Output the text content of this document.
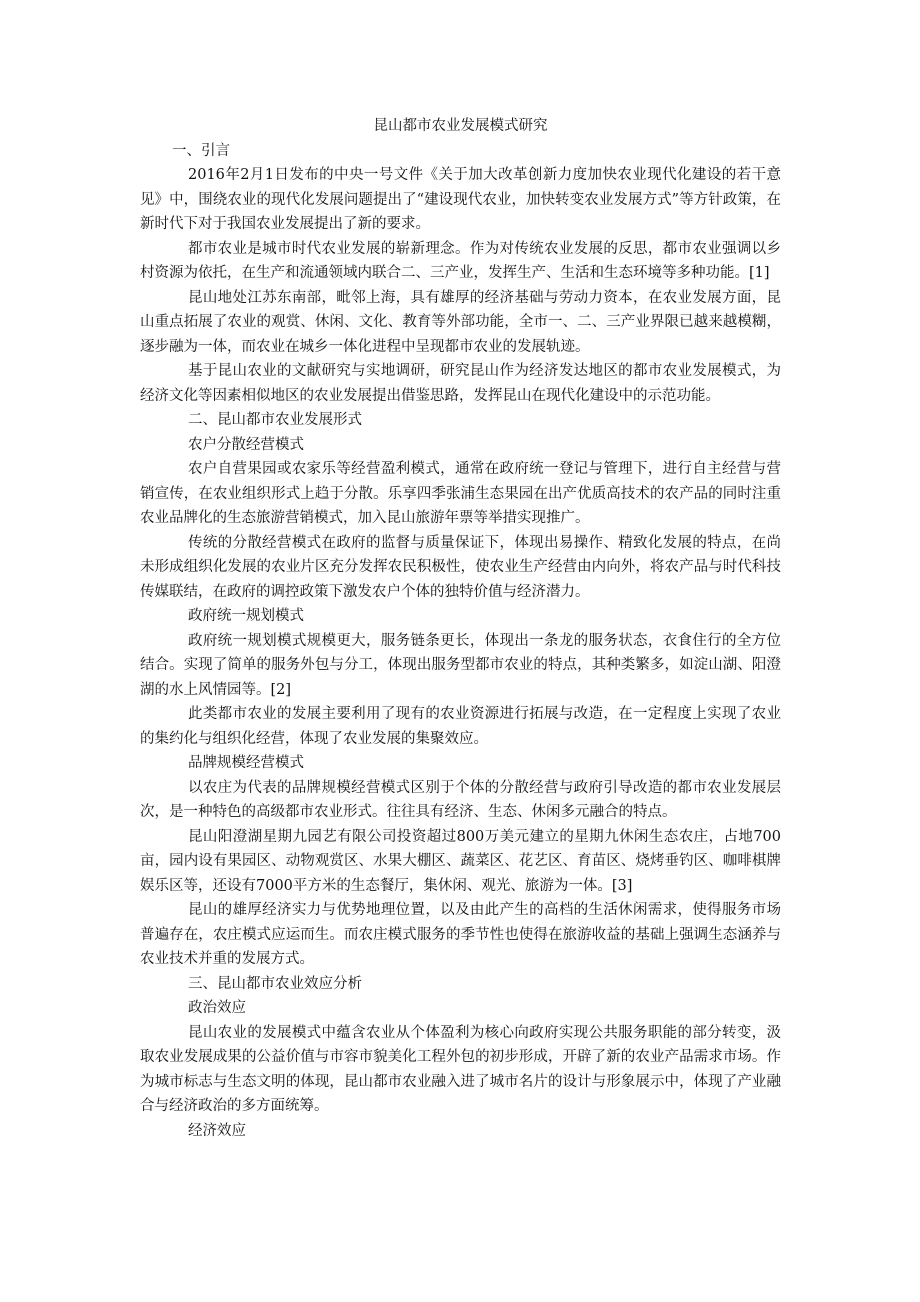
昆山都市农业发展模式研究

一、引言

2016年2月1日发布的中央一号文件《关于加大改革创新力度加快农业现代化建设的若干意见》中，围绕农业的现代化发展问题提出了“建设现代农业，加快转变农业发展方式”等方针政策，在新时代下对于我国农业发展提出了新的要求。

都市农业是城市时代农业发展的崭新理念。作为对传统农业发展的反思，都市农业强调以乡村资源为依托，在生产和流通领域内联合二、三产业，发挥生产、生活和生态环境等多种功能。[1]

昆山地处江苏东南部，毗邻上海，具有雄厚的经济基础与劳动力资本，在农业发展方面，昆山重点拓展了农业的观赏、休闲、文化、教育等外部功能，全市一、二、三产业界限已越来越模糊，逐步融为一体，而农业在城乡一体化进程中呈现都市农业的发展轨迹。

基于昆山农业的文献研究与实地调研，研究昆山作为经济发达地区的都市农业发展模式，为经济文化等因素相似地区的农业发展提出借鉴思路，发挥昆山在现代化建设中的示范功能。

二、昆山都市农业发展形式

农户分散经营模式

农户自营果园或农家乐等经营盈利模式，通常在政府统一登记与管理下，进行自主经营与营销宣传，在农业组织形式上趋于分散。乐享四季张浦生态果园在出产优质高技术的农产品的同时注重农业品牌化的生态旅游营销模式，加入昆山旅游年票等举措实现推广。

传统的分散经营模式在政府的监督与质量保证下，体现出易操作、精致化发展的特点，在尚未形成组织化发展的农业片区充分发挥农民积极性，使农业生产经营由内向外，将农产品与时代科技传媒联结，在政府的调控政策下激发农户个体的独特价值与经济潜力。

政府统一规划模式

政府统一规划模式规模更大，服务链条更长，体现出一条龙的服务状态，衣食住行的全方位结合。实现了简单的服务外包与分工，体现出服务型都市农业的特点，其种类繁多，如淀山湖、阳澄湖的水上风情园等。[2]

此类都市农业的发展主要利用了现有的农业资源进行拓展与改造，在一定程度上实现了农业的集约化与组织化经营，体现了农业发展的集聚效应。

品牌规模经营模式

以农庄为代表的品牌规模经营模式区别于个体的分散经营与政府引导改造的都市农业发展层次，是一种特色的高级都市农业形式。往往具有经济、生态、休闲多元融合的特点。

昆山阳澄湖星期九园艺有限公司投资超过800万美元建立的星期九休闲生态农庄，占地700亩，园内设有果园区、动物观赏区、水果大棚区、蔬菜区、花艺区、育苗区、烧烤垂钓区、咖啡棋牌娱乐区等，还设有7000平方米的生态餐厅，集休闲、观光、旅游为一体。[3]

昆山的雄厚经济实力与优势地理位置，以及由此产生的高档的生活休闲需求，使得服务市场普遍存在，农庄模式应运而生。而农庄模式服务的季节性也使得在旅游收益的基础上强调生态涵养与农业技术并重的发展方式。

三、昆山都市农业效应分析

政治效应

昆山农业的发展模式中蕴含农业从个体盈利为核心向政府实现公共服务职能的部分转变，汲取农业发展成果的公益价值与市容市貌美化工程外包的初步形成，开辟了新的农业产品需求市场。作为城市标志与生态文明的体现，昆山都市农业融入进了城市名片的设计与形象展示中，体现了产业融合与经济政治的多方面统筹。

经济效应
